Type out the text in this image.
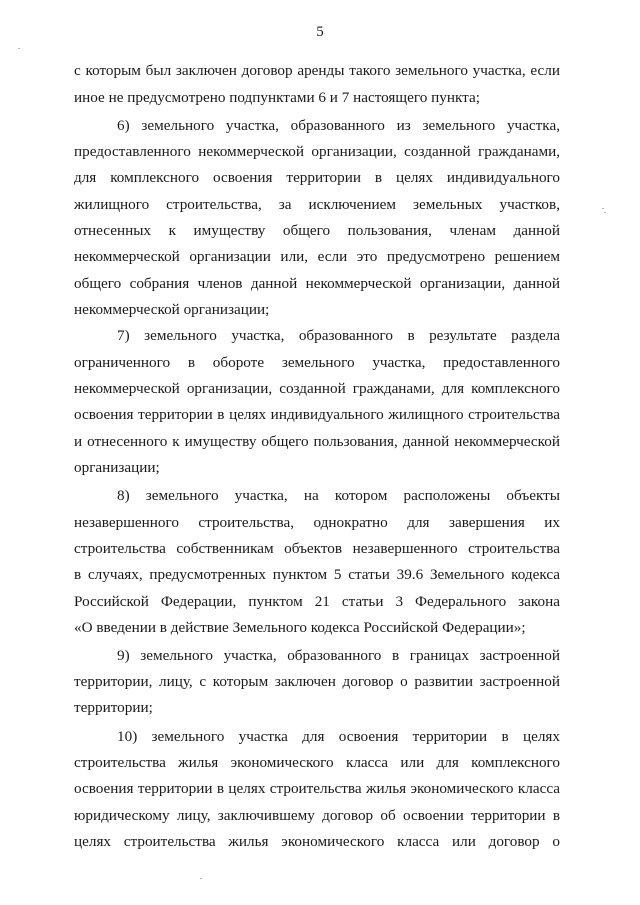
5
с которым был заключен договор аренды такого земельного участка, если
иное не предусмотрено подпунктами 6 и 7 настоящего пункта;
6) земельного участка, образованного из земельного участка,
предоставленного некоммерческой организации, созданной гражданами,
для комплексного освоения территории в целях индивидуального
жилищного строительства, за исключением земельных участков,
отнесенных к имуществу общего пользования, членам данной
некоммерческой организации или, если это предусмотрено решением
общего собрания членов данной некоммерческой организации, данной
некоммерческой организации;
7) земельного участка, образованного в результате раздела
ограниченного в обороте земельного участка, предоставленного
некоммерческой организации, созданной гражданами, для комплексного
освоения территории в целях индивидуального жилищного строительства
и отнесенного к имуществу общего пользования, данной некоммерческой
организации;
8) земельного участка, на котором расположены объекты
незавершенного строительства, однократно для завершения их
строительства собственникам объектов незавершенного строительства
в случаях, предусмотренных пунктом 5 статьи 39.6 Земельного кодекса
Российской Федерации, пунктом 21 статьи 3 Федерального закона
«О введении в действие Земельного кодекса Российской Федерации»;
9) земельного участка, образованного в границах застроенной
территории, лицу, с которым заключен договор о развитии застроенной
территории;
10) земельного участка для освоения территории в целях
строительства жилья экономического класса или для комплексного
освоения территории в целях строительства жилья экономического класса
юридическому лицу, заключившему договор об освоении территории в
целях строительства жилья экономического класса или договор о
